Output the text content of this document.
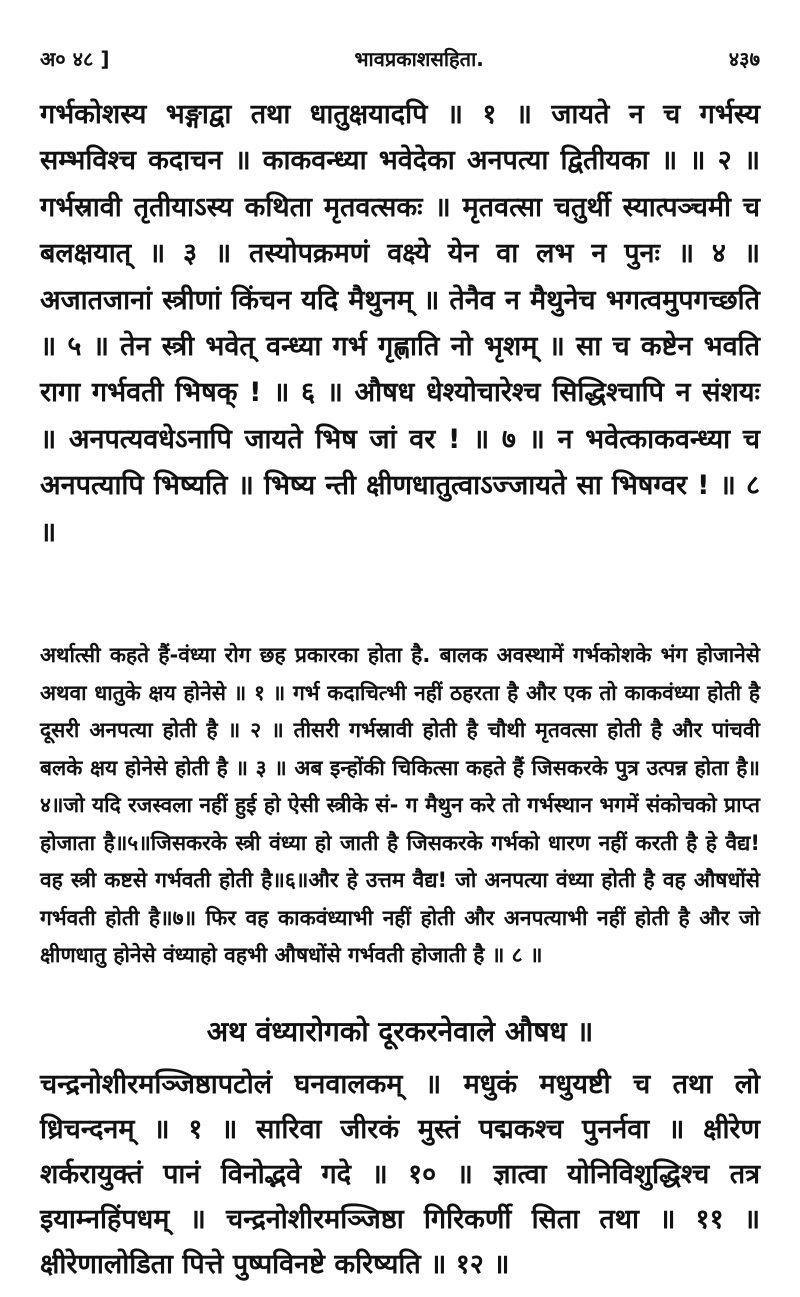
अ० ४८ ]	भावप्रकाशसहिता.	४३७

गर्भकोशस्य भङ्गाद्वा तथा धातुक्षयादपि ॥ १ ॥ जायते न च गर्भस्य सम्भविश्च कदाचन ॥ काकवन्ध्या भवेदेका अनपत्या द्वितीयका ॥ ॥ २ ॥ गर्भस्रावी तृतीयाऽस्य कथिता मृतवत्सकः ॥ मृतवत्सा चतुर्थी स्यात्पञ्चमी च बलक्षयात् ॥ ३ ॥ तस्योपक्रमणं वक्ष्ये येन वा लभ न पुनः ॥ ४ ॥ अजातजानां स्त्रीणां किंचन यदि मैथुनम् ॥ तेनैव न मैथुनेच भगत्वमुपगच्छति ॥ ५ ॥ तेन स्त्री भवेत् वन्ध्या गर्भ गृह्णाति नो भृशम् ॥ सा च कष्टेन भवति रागा गर्भवती भिषक् ! ॥ ६ ॥ औषध धेश्योचारेश्च सिद्धिश्चापि न संशयः ॥ अनपत्यवधेऽनापि जायते भिष जां वर ! ॥ ७ ॥ न भवेत्काकवन्ध्या च अनपत्यापि भिष्यति ॥ भिष्य न्ती क्षीणधातुत्वाऽज्जायते सा भिषग्वर ! ॥ ८ ॥

अर्थात्सी कहते हैं-वंध्या रोग छह प्रकारका होता है. बालक अवस्थामें गर्भकोशके भंग होजानेसे अथवा धातुके क्षय होनेसे ॥ १ ॥ गर्भ कदाचित्भी नहीं ठहरता है और एक तो काकवंध्या होती है दूसरी अनपत्या होती है ॥ २ ॥ तीसरी गर्भस्रावी होती है चौथी मृतवत्सा होती है और पांचवी बलके क्षय होनेसे होती है ॥ ३ ॥ अब इन्होंकी चिकित्सा कहते हैं जिसकरके पुत्र उत्पन्न होता है॥४॥जो यदि रजस्वला नहीं हुई हो ऐसी स्त्रीके सं- ग मैथुन करे तो गर्भस्थान भगमें संकोचको प्राप्त होजाता है॥५॥जिसकरके स्त्री वंध्या हो जाती है जिसकरके गर्भको धारण नहीं करती है हे वैद्य! वह स्त्री कष्टसे गर्भवती होती है॥६॥और हे उत्तम वैद्य! जो अनपत्या वंध्या होती है वह औषधोंसे गर्भवती होती है॥७॥ फिर वह काकवंध्याभी नहीं होती और अनपत्याभी नहीं होती है और जो क्षीणधातु होनेसे वंध्याहो वहभी औषधोंसे गर्भवती होजाती है ॥ ८ ॥

अथ वंध्यारोगको दूरकरनेवाले औषध ॥

चन्द्रनोशीरमञ्जिष्ठापटोलं घनवालकम् ॥ मधुकं मधुयष्टी च तथा लो ध्रिचन्दनम् ॥ १ ॥ सारिवा जीरकं मुस्तं पद्मकश्च पुनर्नवा ॥ क्षीरेण शर्करायुक्तं पानं विनोद्भवे गदे ॥ १० ॥ ज्ञात्वा योनिविशुद्धिश्च तत्र इयाम्नहिंपधम् ॥ चन्द्रनोशीरमञ्जिष्ठा गिरिकर्णी सिता तथा ॥ ११ ॥ क्षीरेणालोडिता पित्ते पुष्पविनष्टे करिष्यति ॥ १२ ॥
